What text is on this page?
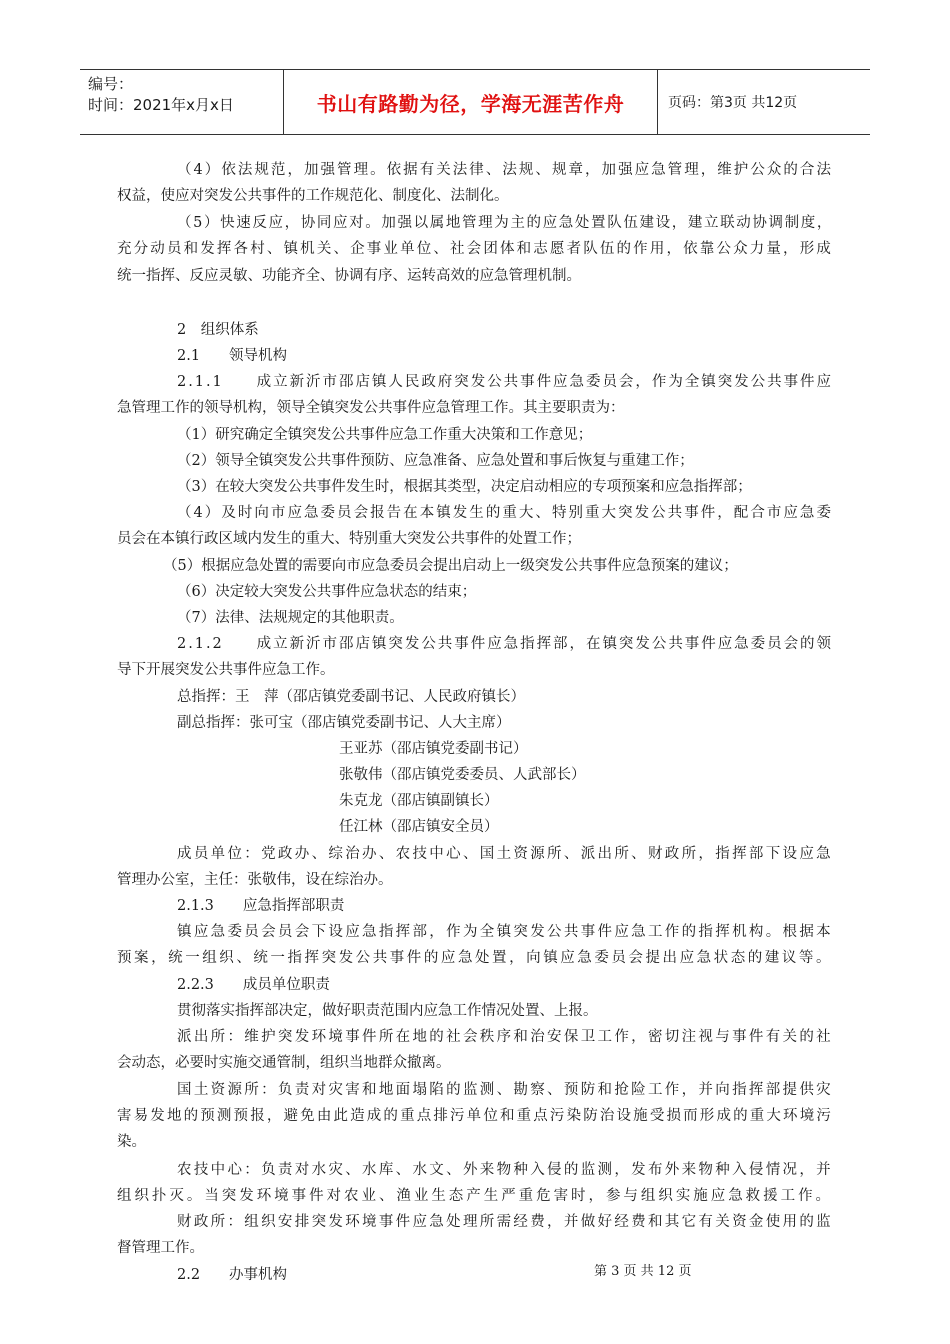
编号：
时间：2021年x月x日	书山有路勤为径，学海无涯苦作舟	页码：第3页 共12页
（4）依法规范，加强管理。依据有关法律、法规、规章，加强应急管理，维护公众的合法
权益，使应对突发公共事件的工作规范化、制度化、法制化。
（5）快速反应，协同应对。加强以属地管理为主的应急处置队伍建设，建立联动协调制度，
充分动员和发挥各村、镇机关、企事业单位、社会团体和志愿者队伍的作用，依靠公众力量，形成
统一指挥、反应灵敏、功能齐全、协调有序、运转高效的应急管理机制。
2　组织体系
2.1　　领导机构
2.1.1　　成立新沂市邵店镇人民政府突发公共事件应急委员会，作为全镇突发公共事件应
急管理工作的领导机构，领导全镇突发公共事件应急管理工作。其主要职责为：
（1）研究确定全镇突发公共事件应急工作重大决策和工作意见；
（2）领导全镇突发公共事件预防、应急准备、应急处置和事后恢复与重建工作；
（3）在较大突发公共事件发生时，根据其类型，决定启动相应的专项预案和应急指挥部；
（4）及时向市应急委员会报告在本镇发生的重大、特别重大突发公共事件，配合市应急委
员会在本镇行政区域内发生的重大、特别重大突发公共事件的处置工作；
（5）根据应急处置的需要向市应急委员会提出启动上一级突发公共事件应急预案的建议；
（6）决定较大突发公共事件应急状态的结束；
（7）法律、法规规定的其他职责。
2.1.2　　成立新沂市邵店镇突发公共事件应急指挥部，在镇突发公共事件应急委员会的领
导下开展突发公共事件应急工作。
总指挥：王　萍（邵店镇党委副书记、人民政府镇长）
副总指挥：张可宝（邵店镇党委副书记、人大主席）
王亚苏（邵店镇党委副书记）
张敬伟（邵店镇党委委员、人武部长）
朱克龙（邵店镇副镇长）
任江林（邵店镇安全员）
成员单位：党政办、综治办、农技中心、国土资源所、派出所、财政所，指挥部下设应急
管理办公室，主任：张敬伟，设在综治办。
2.1.3　　应急指挥部职责
镇应急委员会员会下设应急指挥部，作为全镇突发公共事件应急工作的指挥机构。根据本
预案，统一组织、统一指挥突发公共事件的应急处置，向镇应急委员会提出应急状态的建议等。
2.2.3　　成员单位职责
贯彻落实指挥部决定，做好职责范围内应急工作情况处置、上报。
派出所：维护突发环境事件所在地的社会秩序和治安保卫工作，密切注视与事件有关的社
会动态，必要时实施交通管制，组织当地群众撤离。
国土资源所：负责对灾害和地面塌陷的监测、勘察、预防和抢险工作，并向指挥部提供灾
害易发地的预测预报，避免由此造成的重点排污单位和重点污染防治设施受损而形成的重大环境污
染。
农技中心：负责对水灾、水库、水文、外来物种入侵的监测，发布外来物种入侵情况，并
组织扑灭。当突发环境事件对农业、渔业生态产生严重危害时，参与组织实施应急救援工作。
财政所：组织安排突发环境事件应急处理所需经费，并做好经费和其它有关资金使用的监
督管理工作。
2.2　　办事机构	第 3 页 共 12 页
